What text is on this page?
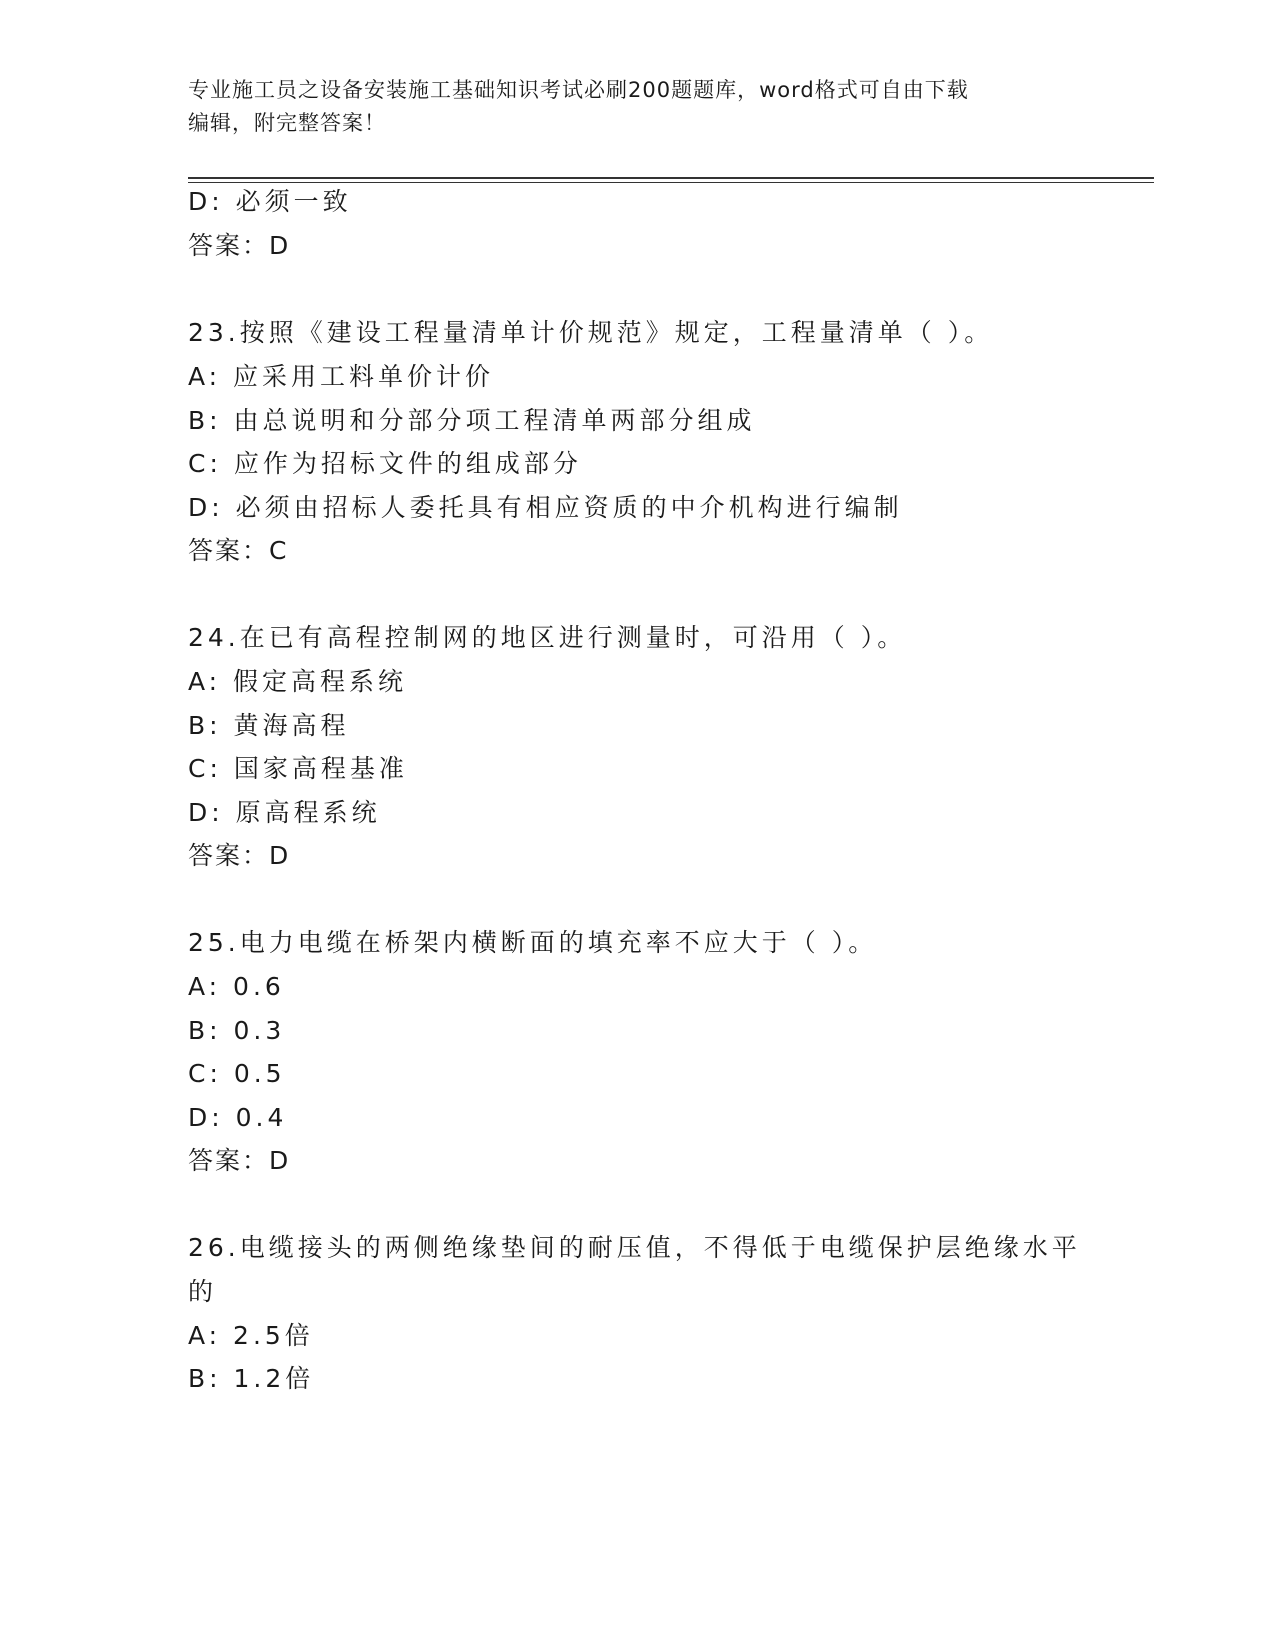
专业施工员之设备安装施工基础知识考试必刷200题题库，word格式可自由下载
编辑，附完整答案！
D: 必须一致
答案：D
23.按照《建设工程量清单计价规范》规定，工程量清单（ ）。
A: 应采用工料单价计价
B: 由总说明和分部分项工程清单两部分组成
C: 应作为招标文件的组成部分
D: 必须由招标人委托具有相应资质的中介机构进行编制
答案：C
24.在已有高程控制网的地区进行测量时，可沿用（ ）。
A: 假定高程系统
B: 黄海高程
C: 国家高程基准
D: 原高程系统
答案：D
25.电力电缆在桥架内横断面的填充率不应大于（ ）。
A: 0.6
B: 0.3
C: 0.5
D: 0.4
答案：D
26.电缆接头的两侧绝缘垫间的耐压值，不得低于电缆保护层绝缘水平
的
A: 2.5倍
B: 1.2倍
